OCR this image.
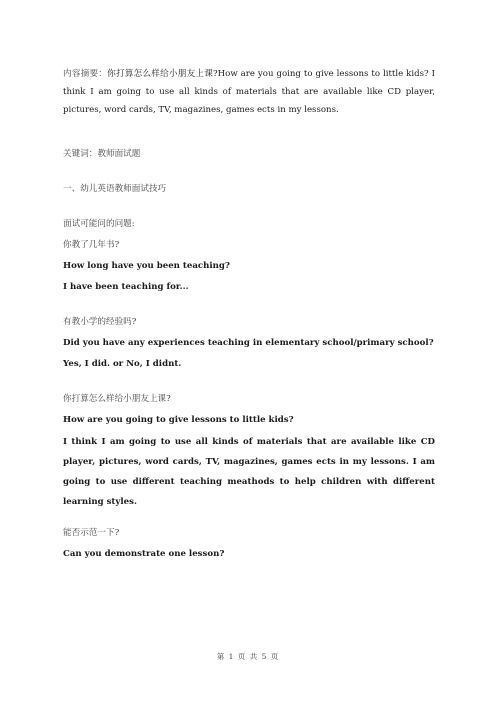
内容摘要：你打算怎么样给小朋友上课?How are you going to give lessons to little kids? I think I am going to use all kinds of materials that are available like CD player, pictures, word cards, TV, magazines, games ects in my lessons.
关键词：教师面试题
一、幼儿英语教师面试技巧
面试可能问的问题:
你教了几年书?
How long have you been teaching?
I have been teaching for...
有教小学的经验吗?
Did you have any experiences teaching in elementary school/primary school?
Yes, I did. or No, I didnt.
你打算怎么样给小朋友上课?
How are you going to give lessons to little kids?
I think I am going to use all kinds of materials that are available like CD player, pictures, word cards, TV, magazines, games ects in my lessons. I am going to use different teaching meathods to help children with different learning styles.
能否示范一下?
Can you demonstrate one lesson?
第 1 页 共 5 页
